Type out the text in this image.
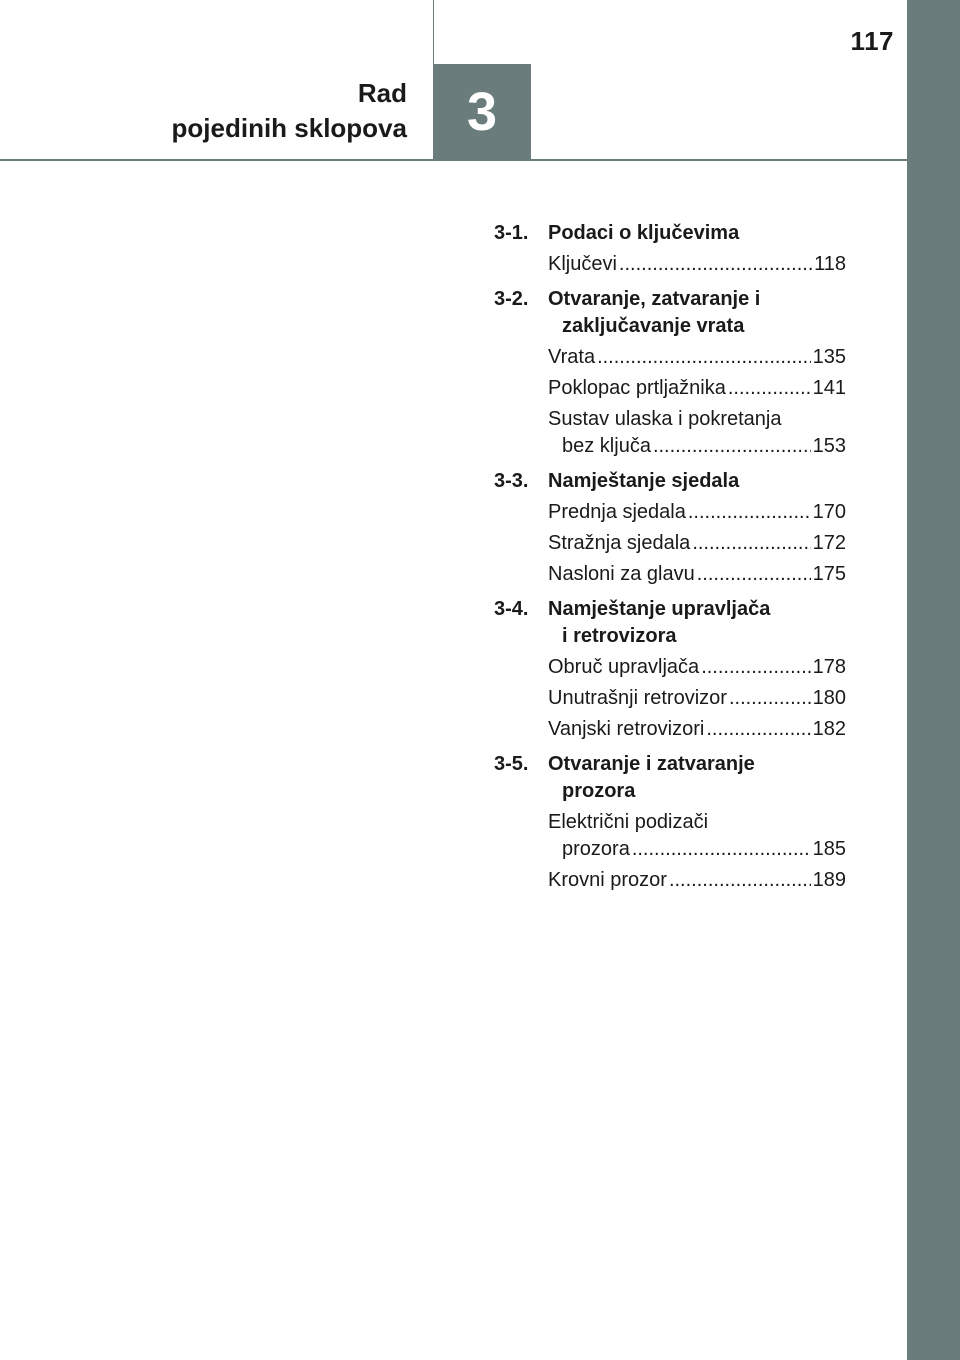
Rad
pojedinih sklopova 3
117
3-1. Podaci o ključevima
Ključevi .....	118
3-2. Otvaranje, zatvaranje i
zaključavanje vrata
Vrata .....	135
Poklopac prtljažnika .....	141
Sustav ulaska i pokretanja
bez ključa .....	153
3-3. Namještanje sjedala
Prednja sjedala .....	170
Stražnja sjedala .....	172
Nasloni za glavu .....	175
3-4. Namještanje upravljača
i retrovizora
Obruč upravljača .....	178
Unutrašnji retrovizor .....	180
Vanjski retrovizori .....	182
3-5. Otvaranje i zatvaranje
prozora
Električni podizači
prozora .....	185
Krovni prozor .....	189
